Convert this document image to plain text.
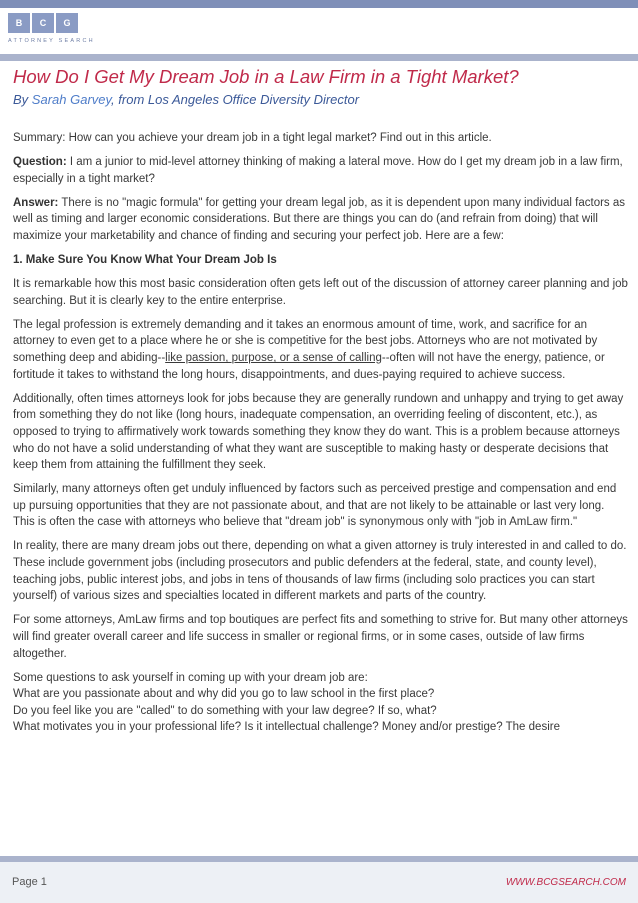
B	C	G
ATTORNEY SEARCH
How Do I Get My Dream Job in a Law Firm in a Tight Market?
By Sarah Garvey, from Los Angeles Office Diversity Director

Summary: How can you achieve your dream job in a tight legal market? Find out in this article.

Question: I am a junior to mid-level attorney thinking of making a lateral move. How do I get my dream job in a law firm, especially in a tight market?

Answer: There is no "magic formula" for getting your dream legal job, as it is dependent upon many individual factors as well as timing and larger economic considerations. But there are things you can do (and refrain from doing) that will maximize your marketability and chance of finding and securing your perfect job. Here are a few:

1. Make Sure You Know What Your Dream Job Is

It is remarkable how this most basic consideration often gets left out of the discussion of attorney career planning and job searching. But it is clearly key to the entire enterprise.

The legal profession is extremely demanding and it takes an enormous amount of time, work, and sacrifice for an attorney to even get to a place where he or she is competitive for the best jobs. Attorneys who are not motivated by something deep and abiding--like passion, purpose, or a sense of calling--often will not have the energy, patience, or fortitude it takes to withstand the long hours, disappointments, and dues-paying required to achieve success.

Additionally, often times attorneys look for jobs because they are generally rundown and unhappy and trying to get away from something they do not like (long hours, inadequate compensation, an overriding feeling of discontent, etc.), as opposed to trying to affirmatively work towards something they know they do want. This is a problem because attorneys who do not have a solid understanding of what they want are susceptible to making hasty or desperate decisions that keep them from attaining the fulfillment they seek.

Similarly, many attorneys often get unduly influenced by factors such as perceived prestige and compensation and end up pursuing opportunities that they are not passionate about, and that are not likely to be attainable or last very long. This is often the case with attorneys who believe that "dream job" is synonymous only with "job in AmLaw firm."

In reality, there are many dream jobs out there, depending on what a given attorney is truly interested in and called to do. These include government jobs (including prosecutors and public defenders at the federal, state, and county level), teaching jobs, public interest jobs, and jobs in tens of thousands of law firms (including solo practices you can start yourself) of various sizes and specialties located in different markets and parts of the country.

For some attorneys, AmLaw firms and top boutiques are perfect fits and something to strive for. But many other attorneys will find greater overall career and life success in smaller or regional firms, or in some cases, outside of law firms altogether.

Some questions to ask yourself in coming up with your dream job are:
What are you passionate about and why did you go to law school in the first place?
Do you feel like you are "called" to do something with your law degree? If so, what?
What motivates you in your professional life? Is it intellectual challenge? Money and/or prestige? The desire

Page 1	WWW.BCGSEARCH.COM
